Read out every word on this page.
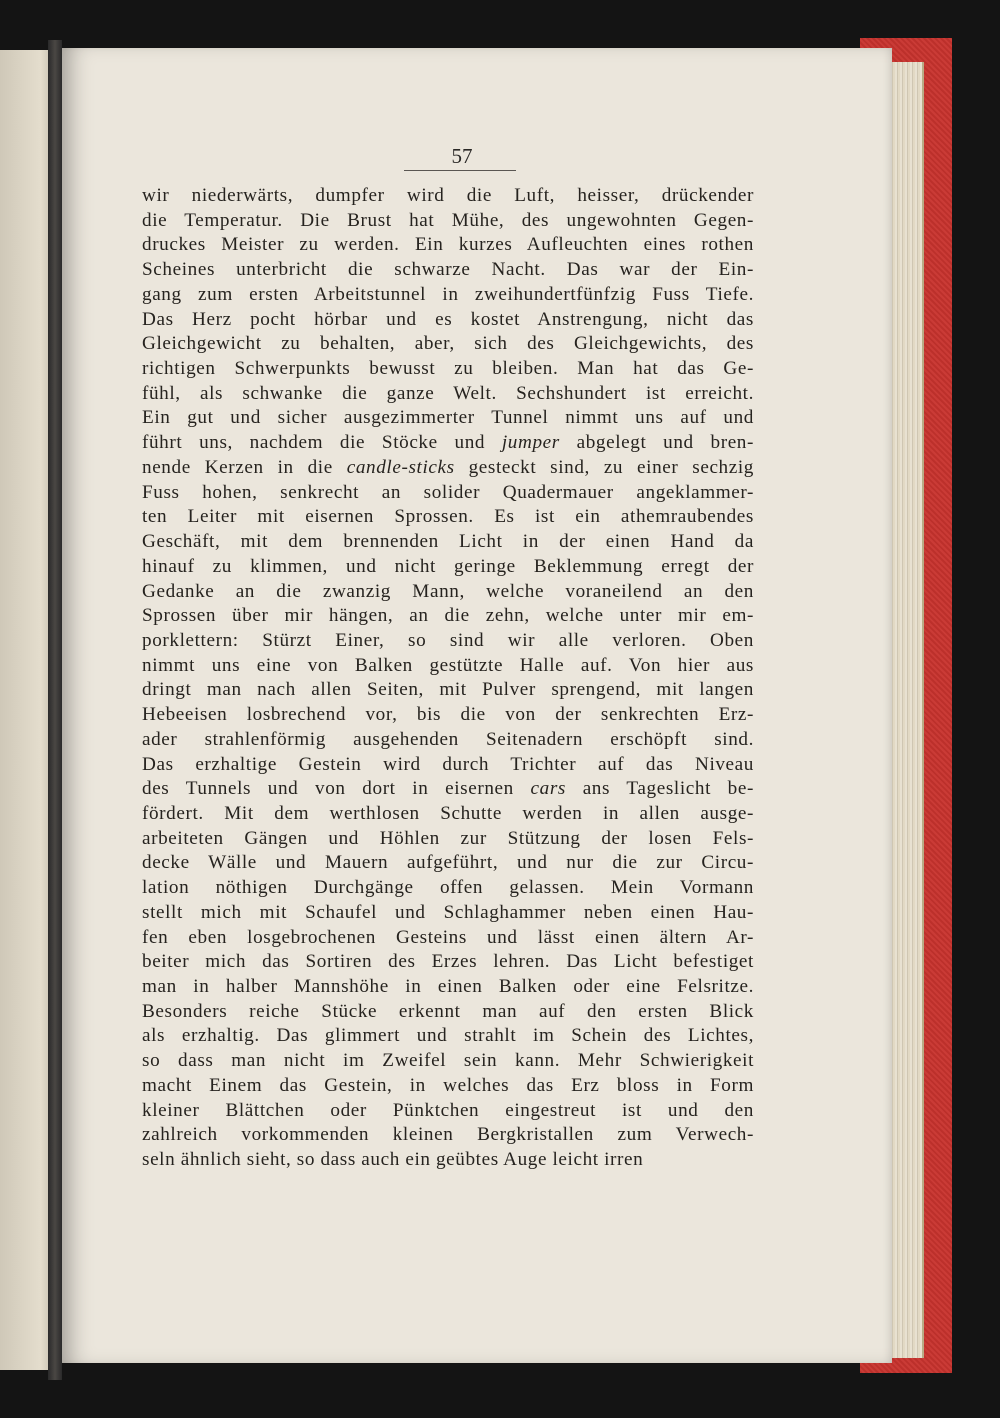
57
wir niederwärts, dumpfer wird die Luft, heisser, drückender
die Temperatur. Die Brust hat Mühe, des ungewohnten Gegen-
druckes Meister zu werden. Ein kurzes Aufleuchten eines rothen
Scheines unterbricht die schwarze Nacht. Das war der Ein-
gang zum ersten Arbeitstunnel in zweihundertfünfzig Fuss Tiefe.
Das Herz pocht hörbar und es kostet Anstrengung, nicht das
Gleichgewicht zu behalten, aber, sich des Gleichgewichts, des
richtigen Schwerpunkts bewusst zu bleiben. Man hat das Ge-
fühl, als schwanke die ganze Welt. Sechshundert ist erreicht.
Ein gut und sicher ausgezimmerter Tunnel nimmt uns auf und
führt uns, nachdem die Stöcke und jumper abgelegt und bren-
nende Kerzen in die candle-sticks gesteckt sind, zu einer sechzig
Fuss hohen, senkrecht an solider Quadermauer angeklammer-
ten Leiter mit eisernen Sprossen. Es ist ein athemraubendes
Geschäft, mit dem brennenden Licht in der einen Hand da
hinauf zu klimmen, und nicht geringe Beklemmung erregt der
Gedanke an die zwanzig Mann, welche voraneilend an den
Sprossen über mir hängen, an die zehn, welche unter mir em-
porklettern: Stürzt Einer, so sind wir alle verloren. Oben
nimmt uns eine von Balken gestützte Halle auf. Von hier aus
dringt man nach allen Seiten, mit Pulver sprengend, mit langen
Hebeeisen losbrechend vor, bis die von der senkrechten Erz-
ader strahlenförmig ausgehenden Seitenadern erschöpft sind.
Das erzhaltige Gestein wird durch Trichter auf das Niveau
des Tunnels und von dort in eisernen cars ans Tageslicht be-
fördert. Mit dem werthlosen Schutte werden in allen ausge-
arbeiteten Gängen und Höhlen zur Stützung der losen Fels-
decke Wälle und Mauern aufgeführt, und nur die zur Circu-
lation nöthigen Durchgänge offen gelassen. Mein Vormann
stellt mich mit Schaufel und Schlaghammer neben einen Hau-
fen eben losgebrochenen Gesteins und lässt einen ältern Ar-
beiter mich das Sortiren des Erzes lehren. Das Licht befestiget
man in halber Mannshöhe in einen Balken oder eine Felsritze.
Besonders reiche Stücke erkennt man auf den ersten Blick
als erzhaltig. Das glimmert und strahlt im Schein des Lichtes,
so dass man nicht im Zweifel sein kann. Mehr Schwierigkeit
macht Einem das Gestein, in welches das Erz bloss in Form
kleiner Blättchen oder Pünktchen eingestreut ist und den
zahlreich vorkommenden kleinen Bergkristallen zum Verwech-
seln ähnlich sieht, so dass auch ein geübtes Auge leicht irren
